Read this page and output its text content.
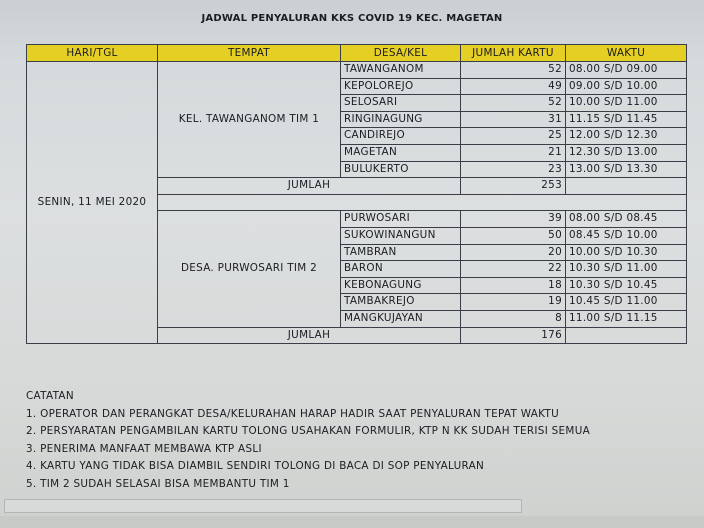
JADWAL PENYALURAN KKS COVID 19 KEC. MAGETAN
HARI/TGL	TEMPAT	DESA/KEL	JUMLAH KARTU	WAKTU
SENIN, 11 MEI 2020	KEL. TAWANGANOM TIM 1	TAWANGANOM	52	08.00 S/D 09.00
		KEPOLOREJO	49	09.00 S/D 10.00
		SELOSARI	52	10.00 S/D 11.00
		RINGINAGUNG	31	11.15 S/D 11.45
		CANDIREJO	25	12.00 S/D 12.30
		MAGETAN	21	12.30 S/D 13.00
		BULUKERTO	23	13.00 S/D 13.30
	JUMLAH		253	

	DESA. PURWOSARI TIM 2	PURWOSARI	39	08.00 S/D 08.45
		SUKOWINANGUN	50	08.45 S/D 10.00
		TAMBRAN	20	10.00 S/D 10.30
		BARON	22	10.30 S/D 11.00
		KEBONAGUNG	18	10.30 S/D 10.45
		TAMBAKREJO	19	10.45 S/D 11.00
		MANGKUJAYAN	8	11.00 S/D 11.15
	JUMLAH		176	
CATATAN
1. OPERATOR DAN PERANGKAT DESA/KELURAHAN HARAP HADIR SAAT PENYALURAN TEPAT WAKTU
2. PERSYARATAN PENGAMBILAN KARTU TOLONG USAHAKAN FORMULIR, KTP N KK SUDAH TERISI SEMUA
3. PENERIMA MANFAAT MEMBAWA KTP ASLI
4. KARTU YANG TIDAK BISA DIAMBIL SENDIRI TOLONG DI BACA DI SOP PENYALURAN
5. TIM 2 SUDAH SELASAI BISA MEMBANTU TIM 1
